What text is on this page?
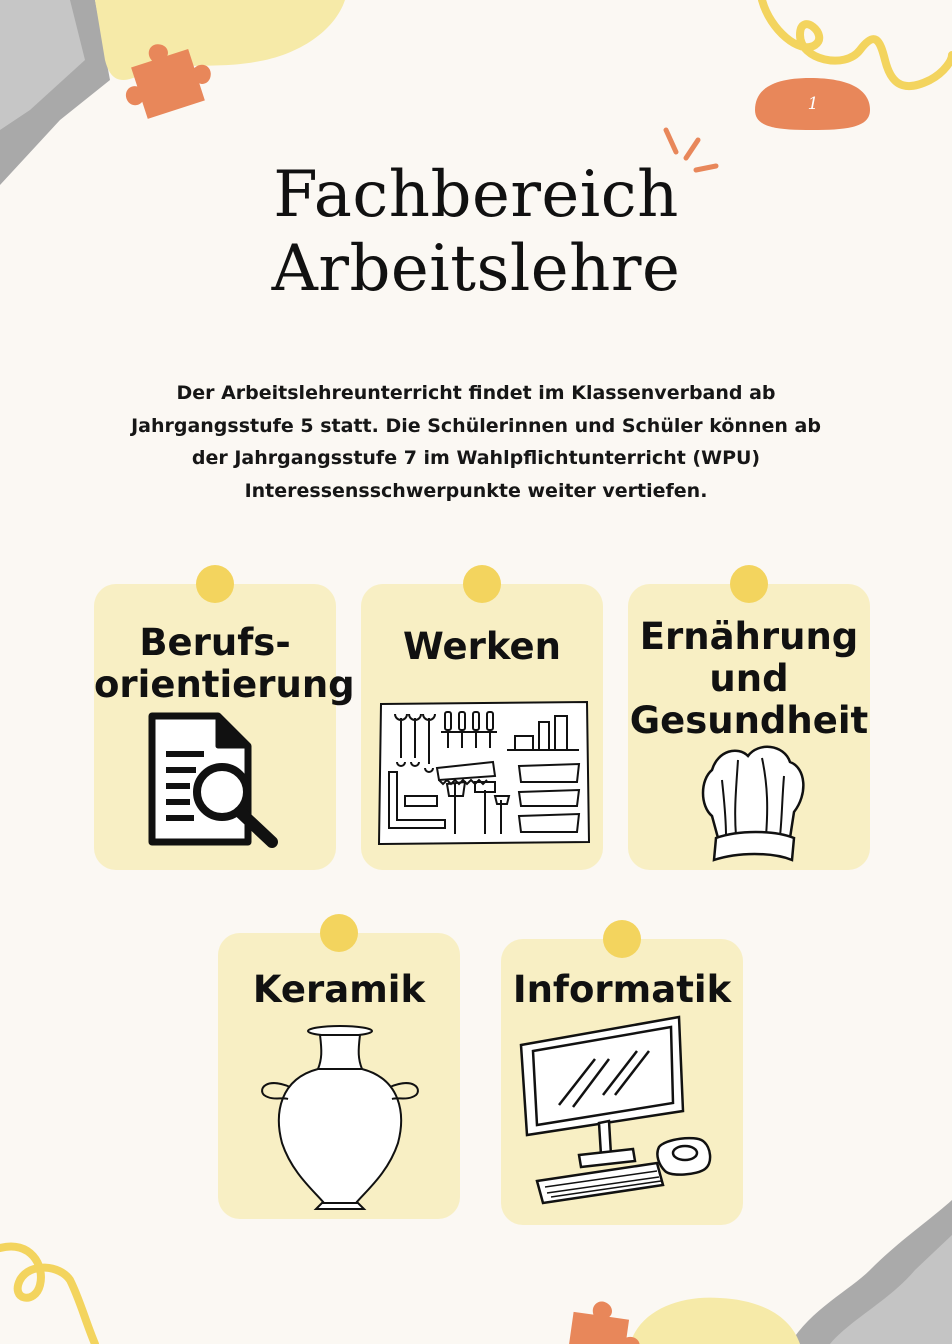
1
Fachbereich
Arbeitslehre

Der Arbeitslehreunterricht findet im Klassenverband ab
Jahrgangsstufe 5 statt. Die Schülerinnen und Schüler können ab
der Jahrgangsstufe 7 im Wahlpflichtunterricht (WPU)
Interessensschwerpunkte weiter vertiefen.

Berufs-
orientierung
Werken	Ernährung
und
Gesundheit
Keramik	Informatik
